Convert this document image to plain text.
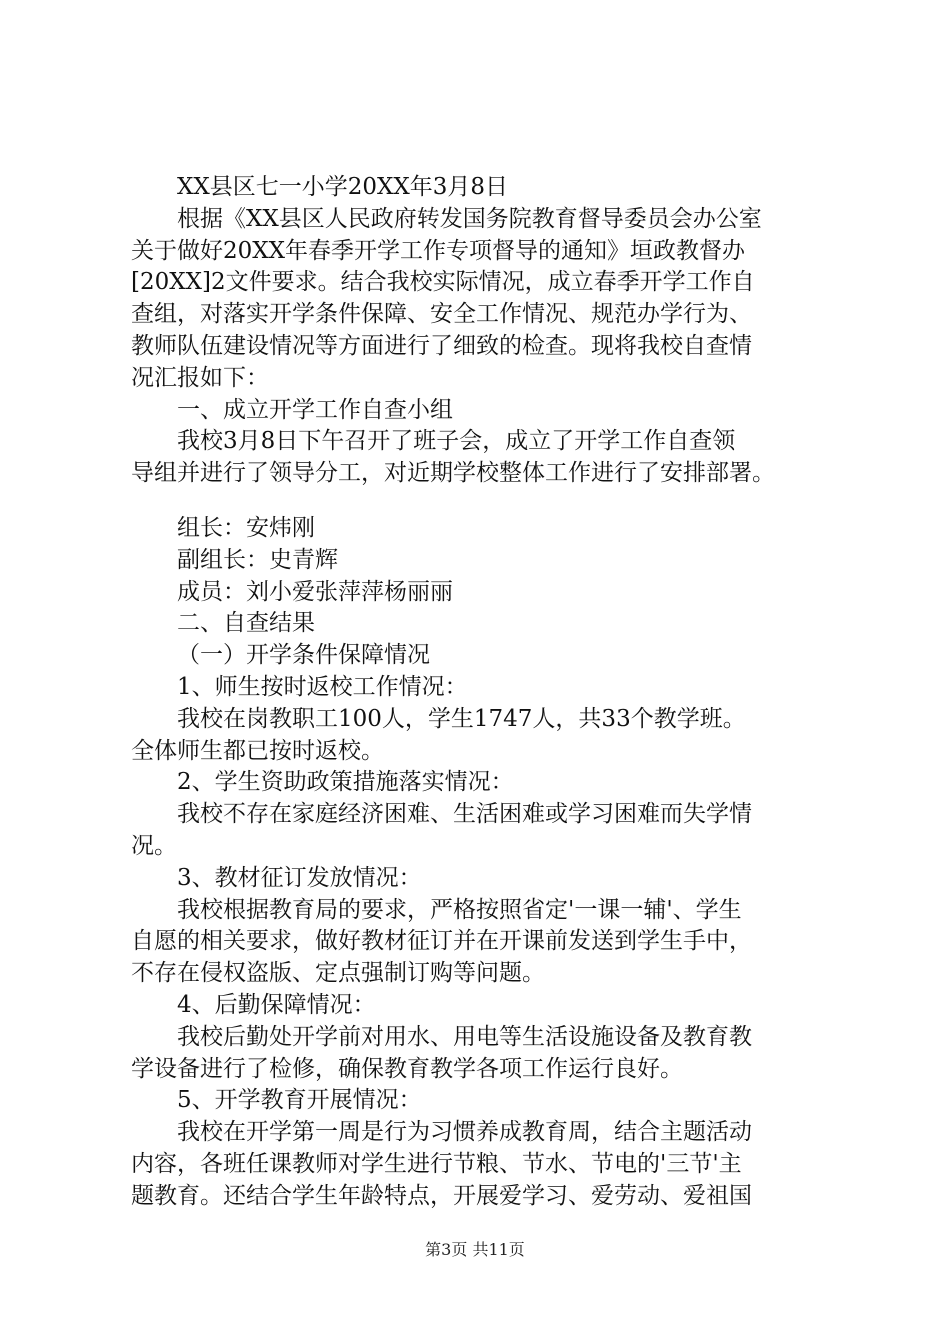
XX县区七一小学20XX年3月8日
根据《XX县区人民政府转发国务院教育督导委员会办公室
关于做好20XX年春季开学工作专项督导的通知》垣政教督办
[20XX]2文件要求。结合我校实际情况，成立春季开学工作自
查组，对落实开学条件保障、安全工作情况、规范办学行为、
教师队伍建设情况等方面进行了细致的检查。现将我校自查情
况汇报如下：
一、成立开学工作自查小组
我校3月8日下午召开了班子会，成立了开学工作自查领
导组并进行了领导分工，对近期学校整体工作进行了安排部署。
组长：安炜刚
副组长：史青辉
成员：刘小爱张萍萍杨丽丽
二、自查结果
（一）开学条件保障情况
1、师生按时返校工作情况：
我校在岗教职工100人，学生1747人，共33个教学班。
全体师生都已按时返校。
2、学生资助政策措施落实情况：
我校不存在家庭经济困难、生活困难或学习困难而失学情
况。
3、教材征订发放情况：
我校根据教育局的要求，严格按照省定'一课一辅'、学生
自愿的相关要求，做好教材征订并在开课前发送到学生手中，
不存在侵权盗版、定点强制订购等问题。
4、后勤保障情况：
我校后勤处开学前对用水、用电等生活设施设备及教育教
学设备进行了检修，确保教育教学各项工作运行良好。
5、开学教育开展情况：
我校在开学第一周是行为习惯养成教育周，结合主题活动
内容，各班任课教师对学生进行节粮、节水、节电的'三节'主
题教育。还结合学生年龄特点，开展爱学习、爱劳动、爱祖国
第3页 共11页
